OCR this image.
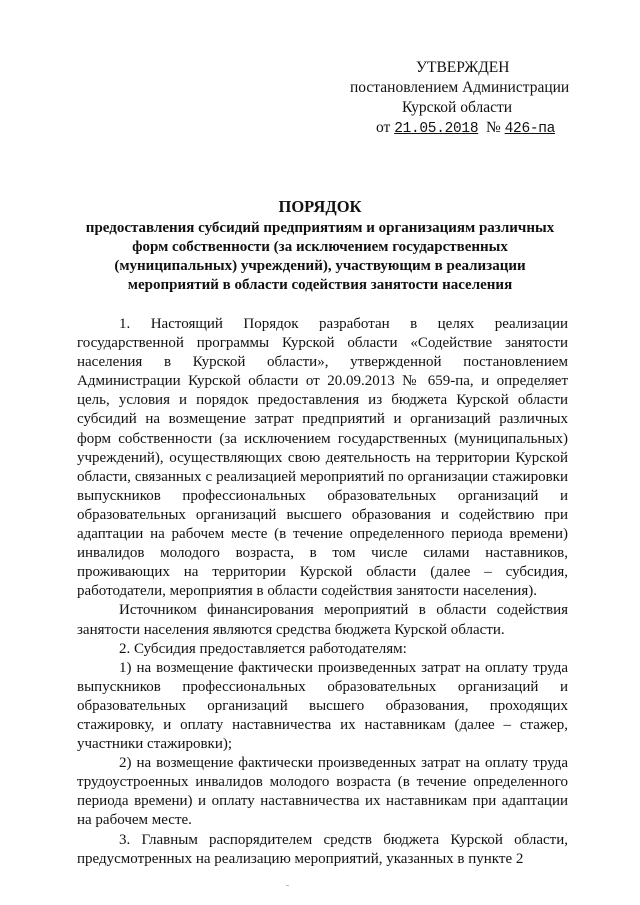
УТВЕРЖДЕН
постановлением Администрации
Курской области
от 21.05.2018 № 426-па
ПОРЯДОК
предоставления субсидий предприятиям и организациям различных
форм собственности (за исключением государственных
(муниципальных) учреждений), участвующим в реализации
мероприятий в области содействия занятости населения

1. Настоящий Порядок разработан в целях реализации государственной программы Курской области «Содействие занятости населения в Курской области», утвержденной постановлением Администрации Курской области от 20.09.2013 № 659-па, и определяет цель, условия и порядок предоставления из бюджета Курской области субсидий на возмещение затрат предприятий и организаций различных форм собственности (за исключением государственных (муниципальных) учреждений), осуществляющих свою деятельность на территории Курской области, связанных с реализацией мероприятий по организации стажировки выпускников профессиональных образовательных организаций и образовательных организаций высшего образования и содействию при адаптации на рабочем месте (в течение определенного периода времени) инвалидов молодого возраста, в том числе силами наставников, проживающих на территории Курской области (далее – субсидия, работодатели, мероприятия в области содействия занятости населения).

Источником финансирования мероприятий в области содействия занятости населения являются средства бюджета Курской области.

2. Субсидия предоставляется работодателям:

1) на возмещение фактически произведенных затрат на оплату труда выпускников профессиональных образовательных организаций и образовательных организаций высшего образования, проходящих стажировку, и оплату наставничества их наставникам (далее – стажер, участники стажировки);

2) на возмещение фактически произведенных затрат на оплату труда трудоустроенных инвалидов молодого возраста (в течение определенного периода времени) и оплату наставничества их наставникам при адаптации на рабочем месте.

3. Главным распорядителем средств бюджета Курской области, предусмотренных на реализацию мероприятий, указанных в пункте 2
